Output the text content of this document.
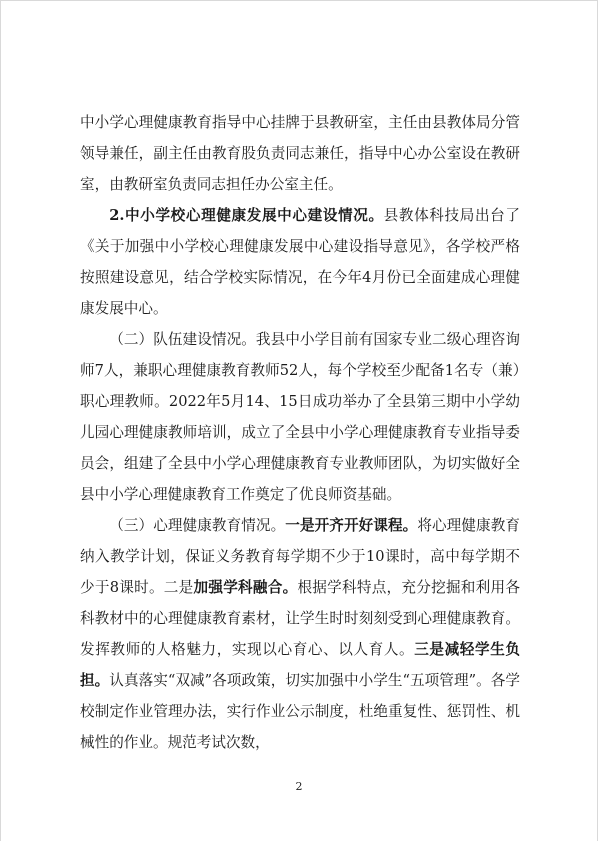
中小学心理健康教育指导中心挂牌于县教研室，主任由县教体局分管领导兼任，副主任由教育股负责同志兼任，指导中心办公室设在教研室，由教研室负责同志担任办公室主任。

2.中小学校心理健康发展中心建设情况。县教体科技局出台了《关于加强中小学校心理健康发展中心建设指导意见》，各学校严格按照建设意见，结合学校实际情况，在今年4月份已全面建成心理健康发展中心。

（二）队伍建设情况。我县中小学目前有国家专业二级心理咨询师7人，兼职心理健康教育教师52人，每个学校至少配备1名专（兼）职心理教师。2022年5月14、15日成功举办了全县第三期中小学幼儿园心理健康教师培训，成立了全县中小学心理健康教育专业指导委员会，组建了全县中小学心理健康教育专业教师团队，为切实做好全县中小学心理健康教育工作奠定了优良师资基础。

（三）心理健康教育情况。一是开齐开好课程。将心理健康教育纳入教学计划，保证义务教育每学期不少于10课时，高中每学期不少于8课时。二是加强学科融合。根据学科特点，充分挖掘和利用各科教材中的心理健康教育素材，让学生时时刻刻受到心理健康教育。发挥教师的人格魅力，实现以心育心、以人育人。三是减轻学生负担。认真落实“双减”各项政策，切实加强中小学生“五项管理”。各学校制定作业管理办法，实行作业公示制度，杜绝重复性、惩罚性、机械性的作业。规范考试次数，

2
